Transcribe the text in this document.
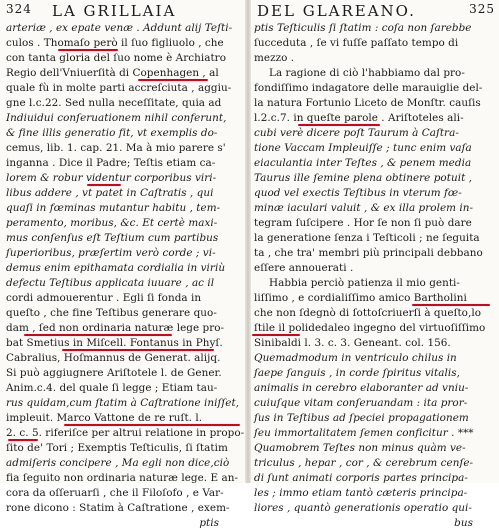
324 LA GRILLAIA
arteriæ , ex epate venæ . Addunt alij Teſti-
culos . Thomaſo però il ſuo figliuolo , che
con tanta gloria del ſuo nome è Archiatro
Regio dell'Vniuerſità di Copenhagen , al
quale fù in molte parti accreſciuta , aggiu-
gne l.c.22. Sed nulla neceſſitate, quia ad
Indiuidui conſeruationem nihil conferunt,
& fine illis generatio fit, vt exemplis do-
cemus, lib. 1. cap. 21. Ma à mio parere s'
inganna . Dice il Padre; Teſtis etiam ca-
lorem & robur videntur corporibus viri-
libus addere , vt patet in Caſtratis , qui
quaſi in fœminas mutantur habitu , tem-
peramento, moribus, &c. Et certè maxi-
mus conſenſus eſt Teſtium cum partibus
ſuperioribus, præſertim verò corde ; vi-
demus enim epithamata cordialia in viriù
defectu Teſtibus applicata iuuare , ac il
cordi admouerentur . Egli ſi fonda in
queſto , che fine Teſtibus generare quo-
dam , ſed non ordinaria naturæ lege pro-
bat Smetius in Miſcell. Fontanus in Phyſ.
Cabralius, Hoſmannus de Generat. alijq.
Si può aggiugnere Ariſtotele l. de Gener.
Anim.c.4. del quale ſi legge ; Etiam tau-
rus quidam,cum ſtatim à Caſtratione iniſſet,
impleuit. Marco Vattone de re ruſt. l.
2. c. 5. riferiſce per altrui relatione in propo-
ſito de' Tori ; Exemptis Teſticulis, ſi ſtatim
admiſeris concipere , Ma egli non dice,ciò
fia ſeguito non ordinaria naturæ lege. E an-
cora da oſſeruarſi , che il Filoſofo , e Var-
rone dicono : Statim à Caſtratione , exem-
ptis
DEL GLAREANO.	325
ptis Teſticulis ſi ſtatim : coſa non ſarebbe
ſucceduta , ſe vi fuſſe paſſato tempo di
mezzo .
La ragione di ciò l'habbiamo dal pro-
fondiſſimo indagatore delle marauiglie del-
la natura Fortunio Liceto de Monſtr. cauſis
l.2.c.7. in queſte parole . Ariſtoteles ali-
cubi verè dicere poſt Taurum à Caſtra-
tione Vaccam Impleuiſſe ; tunc enim vaſa
eiaculantia inter Teſtes , & penem media
Taurus ille ſemine plena obtinere potuit ,
quod vel exectis Teſtibus in vterum fœ-
minæ iaculari valuit , & ex illa prolem in-
tegram ſuſcipere . Hor ſe non ſi può dare
la generatione ſenza i Teſticoli ; ne ſeguita
ta , che tra' membri più principali debbano
eſſere annouerati .
Habbia perciò patienza il mio genti-
liſſimo , e cordialiſſimo amico Bartholini
che non ſdegnò di ſottoſcriuerſi à queſto,lo
ſtile il polidedaleo ingegno del virtuoſiſſimo
Sinibaldi l. 3. c. 3. Geneant. col. 156.
Quemadmodum in ventriculo chilus in
ſaepe ſanguis , in corde ſpiritus vitalis,
animalis in cerebro elaboranter ad vniu-
cuiuſque vitam conſeruandam : ita pror-
ſus in Teſtibus ad ſpeciei propagationem
ſeu immortalitatem ſemen conficitur . ***
Quamobrem Teſtes non minus quàm ve-
triculus , hepar , cor , & cerebrum cenſe-
di ſunt animati corporis partes principa-
les ; immo etiam tantò cæteris principa-
liores , quantò generationis operatio qui-
bus
